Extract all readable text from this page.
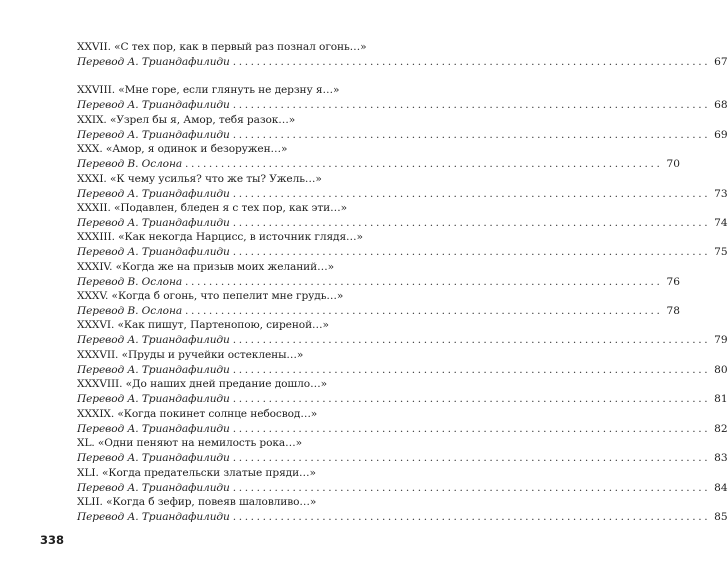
XXVII. «С тех пор, как в первый раз познал огонь…»
Перевод А. Триандафилиди ................................................................................ 67
XXVIII. «Мне горе, если глянуть не дерзну я…»
Перевод А. Триандафилиди ................................................................................ 68
XXIX. «Узрел бы я, Амор, тебя разок…»
Перевод А. Триандафилиди ................................................................................ 69
XXX. «Амор, я одинок и безоружен…»
Перевод В. Ослона ................................................................................ 70
XXXI. «К чему усилья? что же ты? Ужель…»
Перевод А. Триандафилиди ................................................................................ 73
XXXII. «Подавлен, бледен я с тех пор, как эти…»
Перевод А. Триандафилиди ................................................................................ 74
XXXIII. «Как некогда Нарцисс, в источник глядя…»
Перевод А. Триандафилиди ................................................................................ 75
XXXIV. «Когда же на призыв моих желаний…»
Перевод В. Ослона ................................................................................ 76
XXXV. «Когда б огонь, что пепелит мне грудь…»
Перевод В. Ослона ................................................................................ 78
XXXVI. «Как пишут, Партенопою, сиреной…»
Перевод А. Триандафилиди ................................................................................ 79
XXXVII. «Пруды и ручейки остеклены…»
Перевод А. Триандафилиди ................................................................................ 80
XXXVIII. «До наших дней предание дошло…»
Перевод А. Триандафилиди ................................................................................ 81
XXXIX. «Когда покинет солнце небосвод…»
Перевод А. Триандафилиди ................................................................................ 82
XL. «Одни пеняют на немилость рока…»
Перевод А. Триандафилиди ................................................................................ 83
XLI. «Когда предательски златые пряди…»
Перевод А. Триандафилиди ................................................................................ 84
XLII. «Когда б зефир, повеяв шаловливо…»
Перевод А. Триандафилиди ................................................................................ 85
338
